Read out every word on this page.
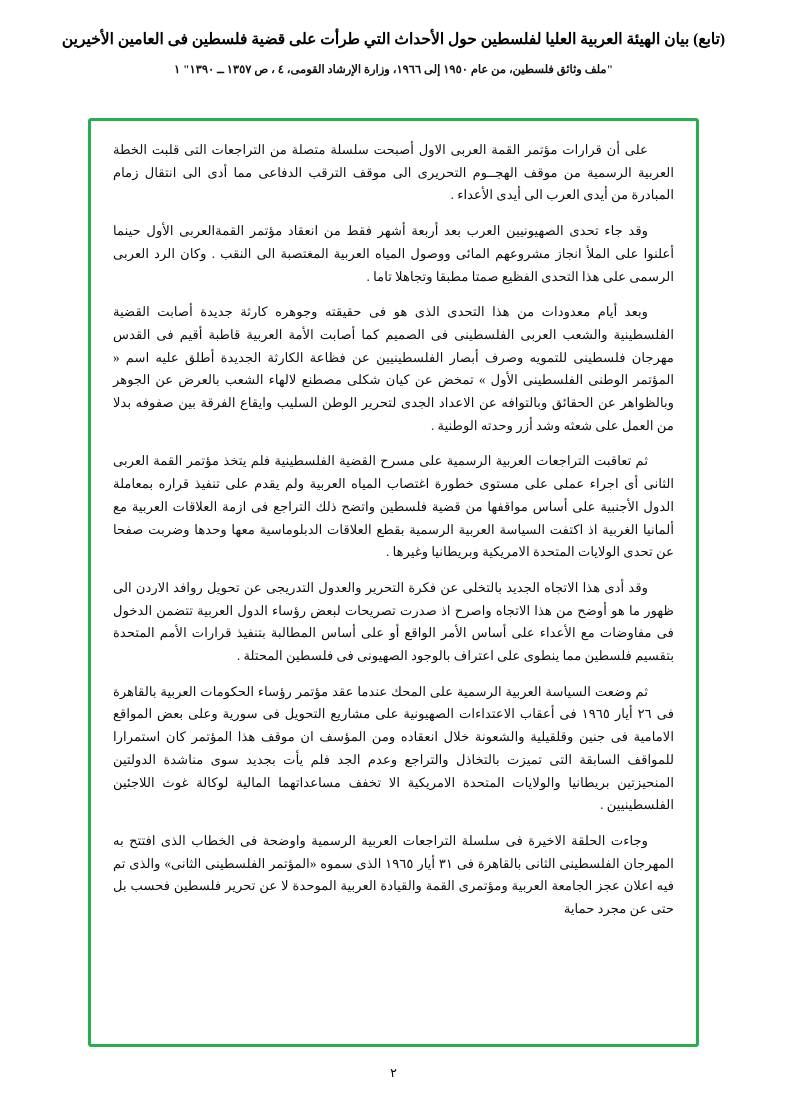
(تابع) بيان الهيئة العربية العليا لفلسطين حول الأحداث التي طرأت على قضية فلسطين فى العامين الأخيرين
"ملف وثائق فلسطين، من عام ١٩٥٠ إلى ١٩٦٦، وزارة الإرشاد القومى، ٤ ، ص ١٣٥٧ ــ ١٣٩٠" ١

على أن قرارات مؤتمر القمة العربى الاول أصبحت سلسلة متصلة من التراجعات التى قلبت الخطة العربية الرسمية من موقف الهجــوم التحريرى الى موقف الترقب الدفاعى مما أدى الى انتقال زمام المبادرة من أيدى العرب الى أيدى الأعداء .

وقد جاء تحدى الصهيونيين العرب بعد أربعة أشهر فقط من انعقاد مؤتمر القمةالعربى الأول حينما أعلنوا على الملأ انجاز مشروعهم المائى ووصول المياه العربية المغتصبة الى النقب . وكان الرد العربى الرسمى على هذا التحدى الفظيع صمتا مطبقا وتجاهلا تاما .

وبعد أيام معدودات من هذا التحدى الذى هو فى حقيقته وجوهره كارثة جديدة أصابت القضية الفلسطينية والشعب العربى الفلسطينى فى الصميم كما أصابت الأمة العربية قاطبة أقيم فى القدس مهرجان فلسطينى للتمويه وصرف أبصار الفلسطينيين عن فظاعة الكارثة الجديدة أطلق عليه اسم « المؤتمر الوطنى الفلسطينى الأول » تمخض عن كيان شكلى مصطنع لالهاء الشعب بالعرض عن الجوهر وبالظواهر عن الحقائق وبالتوافه عن الاعداد الجدى لتحرير الوطن السليب وايقاع الفرقة بين صفوفه بدلا من العمل على شعثه وشد أزر وحدته الوطنية .

ثم تعاقبت التراجعات العربية الرسمية على مسرح القضية الفلسطينية فلم يتخذ مؤتمر القمة العربى الثانى أى اجراء عملى على مستوى خطورة اغتصاب المياه العربية ولم يقدم على تنفيذ قراره بمعاملة الدول الأجنبية على أساس مواقفها من قضية فلسطين واتضح ذلك التراجع فى ازمة العلاقات العربية مع ألمانيا الغربية اذ اكتفت السياسة العربية الرسمية بقطع العلاقات الدبلوماسية معها وحدها وضربت صفحا عن تحدى الولايات المتحدة الامريكية وبريطانيا وغيرها .

وقد أدى هذا الاتجاه الجديد بالتخلى عن فكرة التحرير والعدول التدريجى عن تحويل روافد الاردن الى ظهور ما هو أوضح من هذا الاتجاه واصرح اذ صدرت تصريحات لبعض رؤساء الدول العربية تتضمن الدخول فى مفاوضات مع الأعداء على أساس الأمر الواقع أو على أساس المطالبة بتنفيذ قرارات الأمم المتحدة بتقسيم فلسطين مما ينطوى على اعتراف بالوجود الصهيونى فى فلسطين المحتلة .

ثم وضعت السياسة العربية الرسمية على المحك عندما عقد مؤتمر رؤساء الحكومات العربية بالقاهرة فى ٢٦ أيار ١٩٦٥ فى أعقاب الاعتداءات الصهيونية على مشاريع التحويل فى سورية وعلى بعض المواقع الامامية فى جنين وقلقيلية والشعونة خلال انعقاده ومن المؤسف ان موقف هذا المؤتمر كان استمرارا للمواقف السابقة التى تميزت بالتخاذل والتراجع وعدم الجد فلم يأت بجديد سوى مناشدة الدولتين المنحيزتين بريطانيا والولايات المتحدة الامريكية الا تخفف مساعداتهما المالية لوكالة غوث اللاجئين الفلسطينيين .

وجاءت الحلقة الاخيرة فى سلسلة التراجعات العربية الرسمية واوضحة فى الخطاب الذى افتتح به المهرجان الفلسطينى الثانى بالقاهرة فى ٣١ أيار ١٩٦٥ الذى سموه «المؤتمر الفلسطينى الثانى» والذى تم فيه اعلان عجز الجامعة العربية ومؤتمرى القمة والقيادة العربية الموحدة لا عن تحرير فلسطين فحسب بل حتى عن مجرد حماية

٢
